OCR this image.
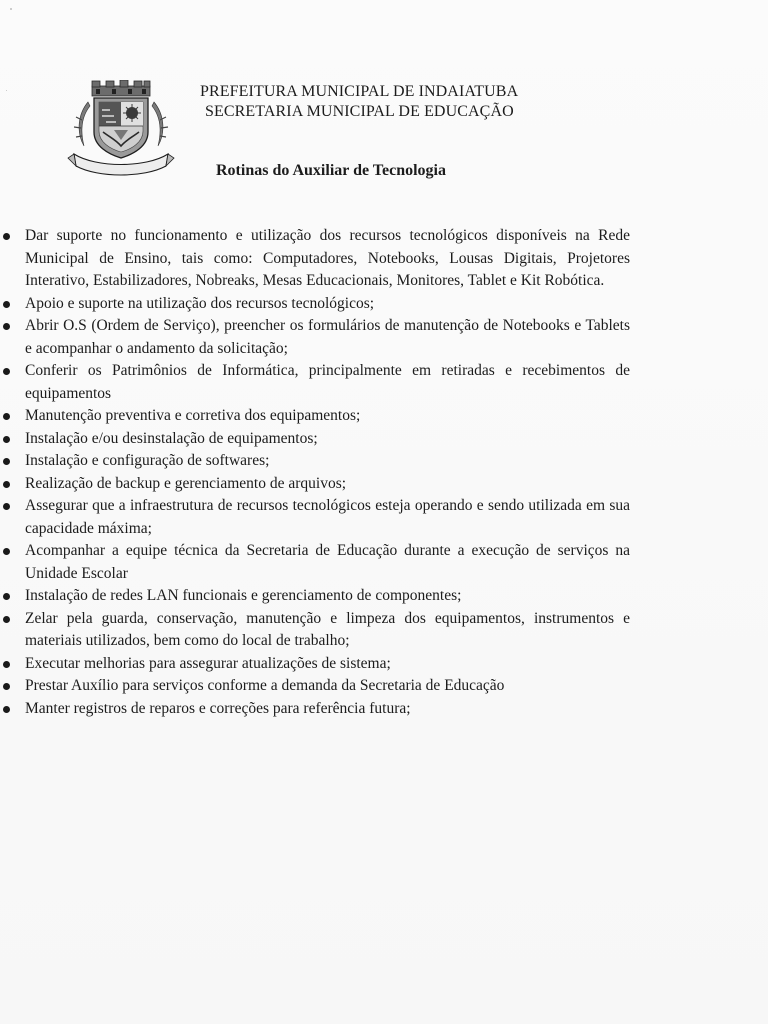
PREFEITURA MUNICIPAL DE INDAIATUBA
SECRETARIA MUNICIPAL DE EDUCAÇÃO
Rotinas do Auxiliar de Tecnologia
Dar suporte no funcionamento e utilização dos recursos tecnológicos disponíveis na Rede Municipal de Ensino, tais como: Computadores, Notebooks, Lousas Digitais, Projetores Interativo, Estabilizadores, Nobreaks, Mesas Educacionais, Monitores, Tablet e Kit Robótica.
Apoio e suporte na utilização dos recursos tecnológicos;
Abrir O.S (Ordem de Serviço), preencher os formulários de manutenção de Notebooks e Tablets e acompanhar o andamento da solicitação;
Conferir os Patrimônios de Informática, principalmente em retiradas e recebimentos de equipamentos
Manutenção preventiva e corretiva dos equipamentos;
Instalação e/ou desinstalação de equipamentos;
Instalação e configuração de softwares;
Realização de backup e gerenciamento de arquivos;
Assegurar que a infraestrutura de recursos tecnológicos esteja operando e sendo utilizada em sua capacidade máxima;
Acompanhar a equipe técnica da Secretaria de Educação durante a execução de serviços na Unidade Escolar
Instalação de redes LAN funcionais e gerenciamento de componentes;
Zelar pela guarda, conservação, manutenção e limpeza dos equipamentos, instrumentos e materiais utilizados, bem como do local de trabalho;
Executar melhorias para assegurar atualizações de sistema;
Prestar Auxílio para serviços conforme a demanda da Secretaria de Educação
Manter registros de reparos e correções para referência futura;
